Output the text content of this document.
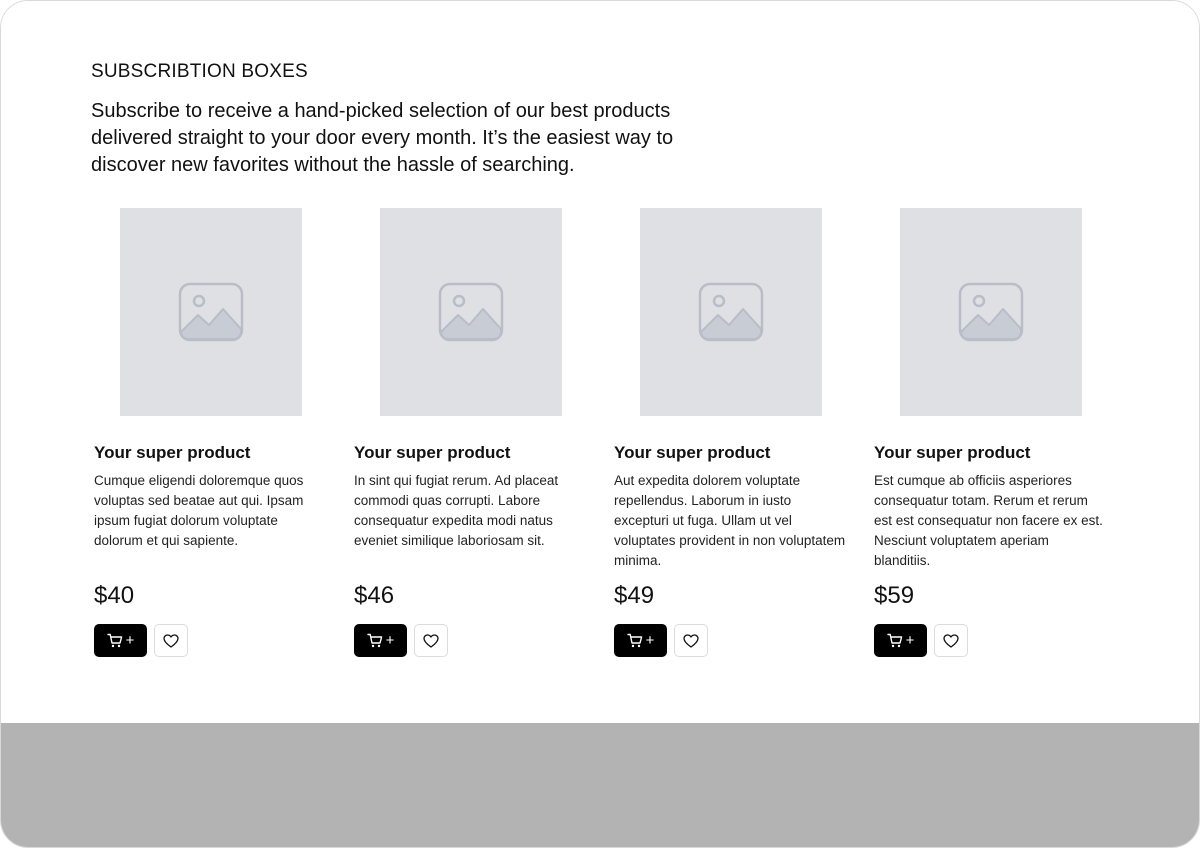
SUBSCRIBTION BOXES

Subscribe to receive a hand-picked selection of our best products delivered straight to your door every month. It’s the easiest way to discover new favorites without the hassle of searching.

Your super product

Cumque eligendi doloremque quos voluptas sed beatae aut qui. Ipsam ipsum fugiat dolorum voluptate dolorum et qui sapiente.

$40
+
Your super product

In sint qui fugiat rerum. Ad placeat commodi quas corrupti. Labore consequatur expedita modi natus eveniet similique laboriosam sit.

$46
+
Your super product

Aut expedita dolorem voluptate repellendus. Laborum in iusto excepturi ut fuga. Ullam ut vel voluptates provident in non voluptatem minima.

$49
+
Your super product

Est cumque ab officiis asperiores consequatur totam. Rerum et rerum est est consequatur non facere ex est. Nesciunt voluptatem aperiam blanditiis.

$59
+
